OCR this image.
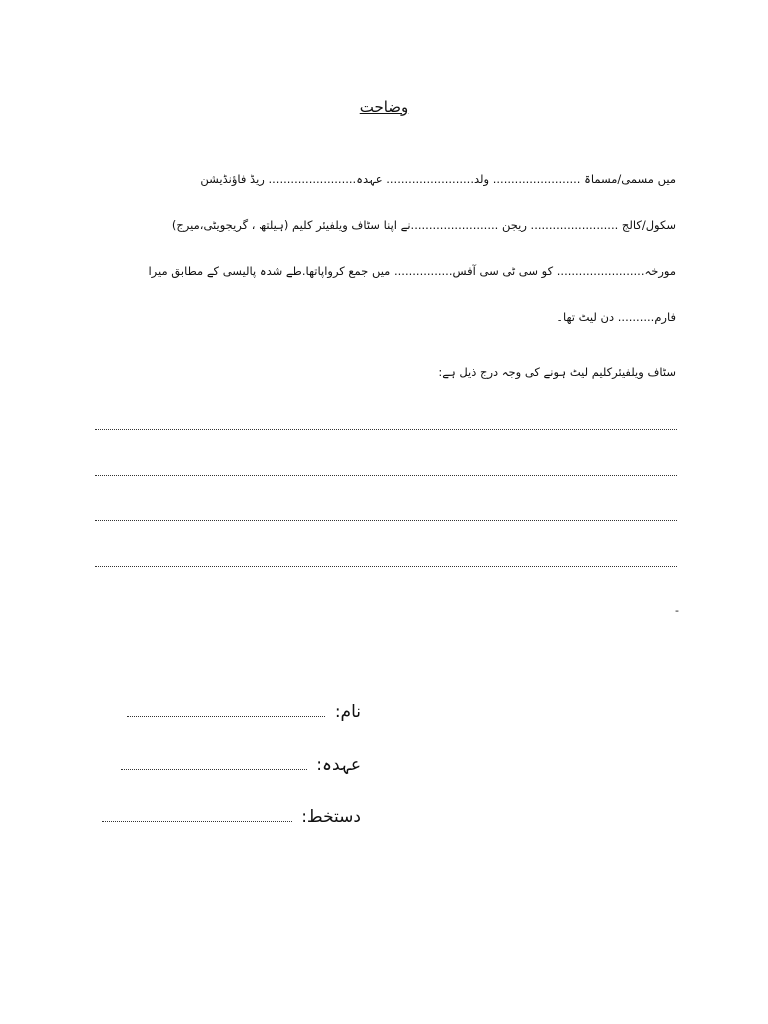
وضاحت
میں مسمی/مسماۃ ........................ ولد........................ عہدہ........................ ریڈ فاؤنڈیشن
سکول/کالج ........................ ریجن ........................نے اپنا سٹاف ویلفیئر کلیم (ہیلتھ ، گریجویٹی،میرج)
مورخہ........................ کو سی ٹی سی آفس................ میں جمع کرواپاتھا.طے شدہ پالیسی کے مطابق میرا
فارم.......... دن لیٹ تھا۔
سٹاف ویلفیئرکلیم لیٹ ہونے کی وجہ درج ذیل ہے:
-
نام:
عہدہ:
دستخط:
